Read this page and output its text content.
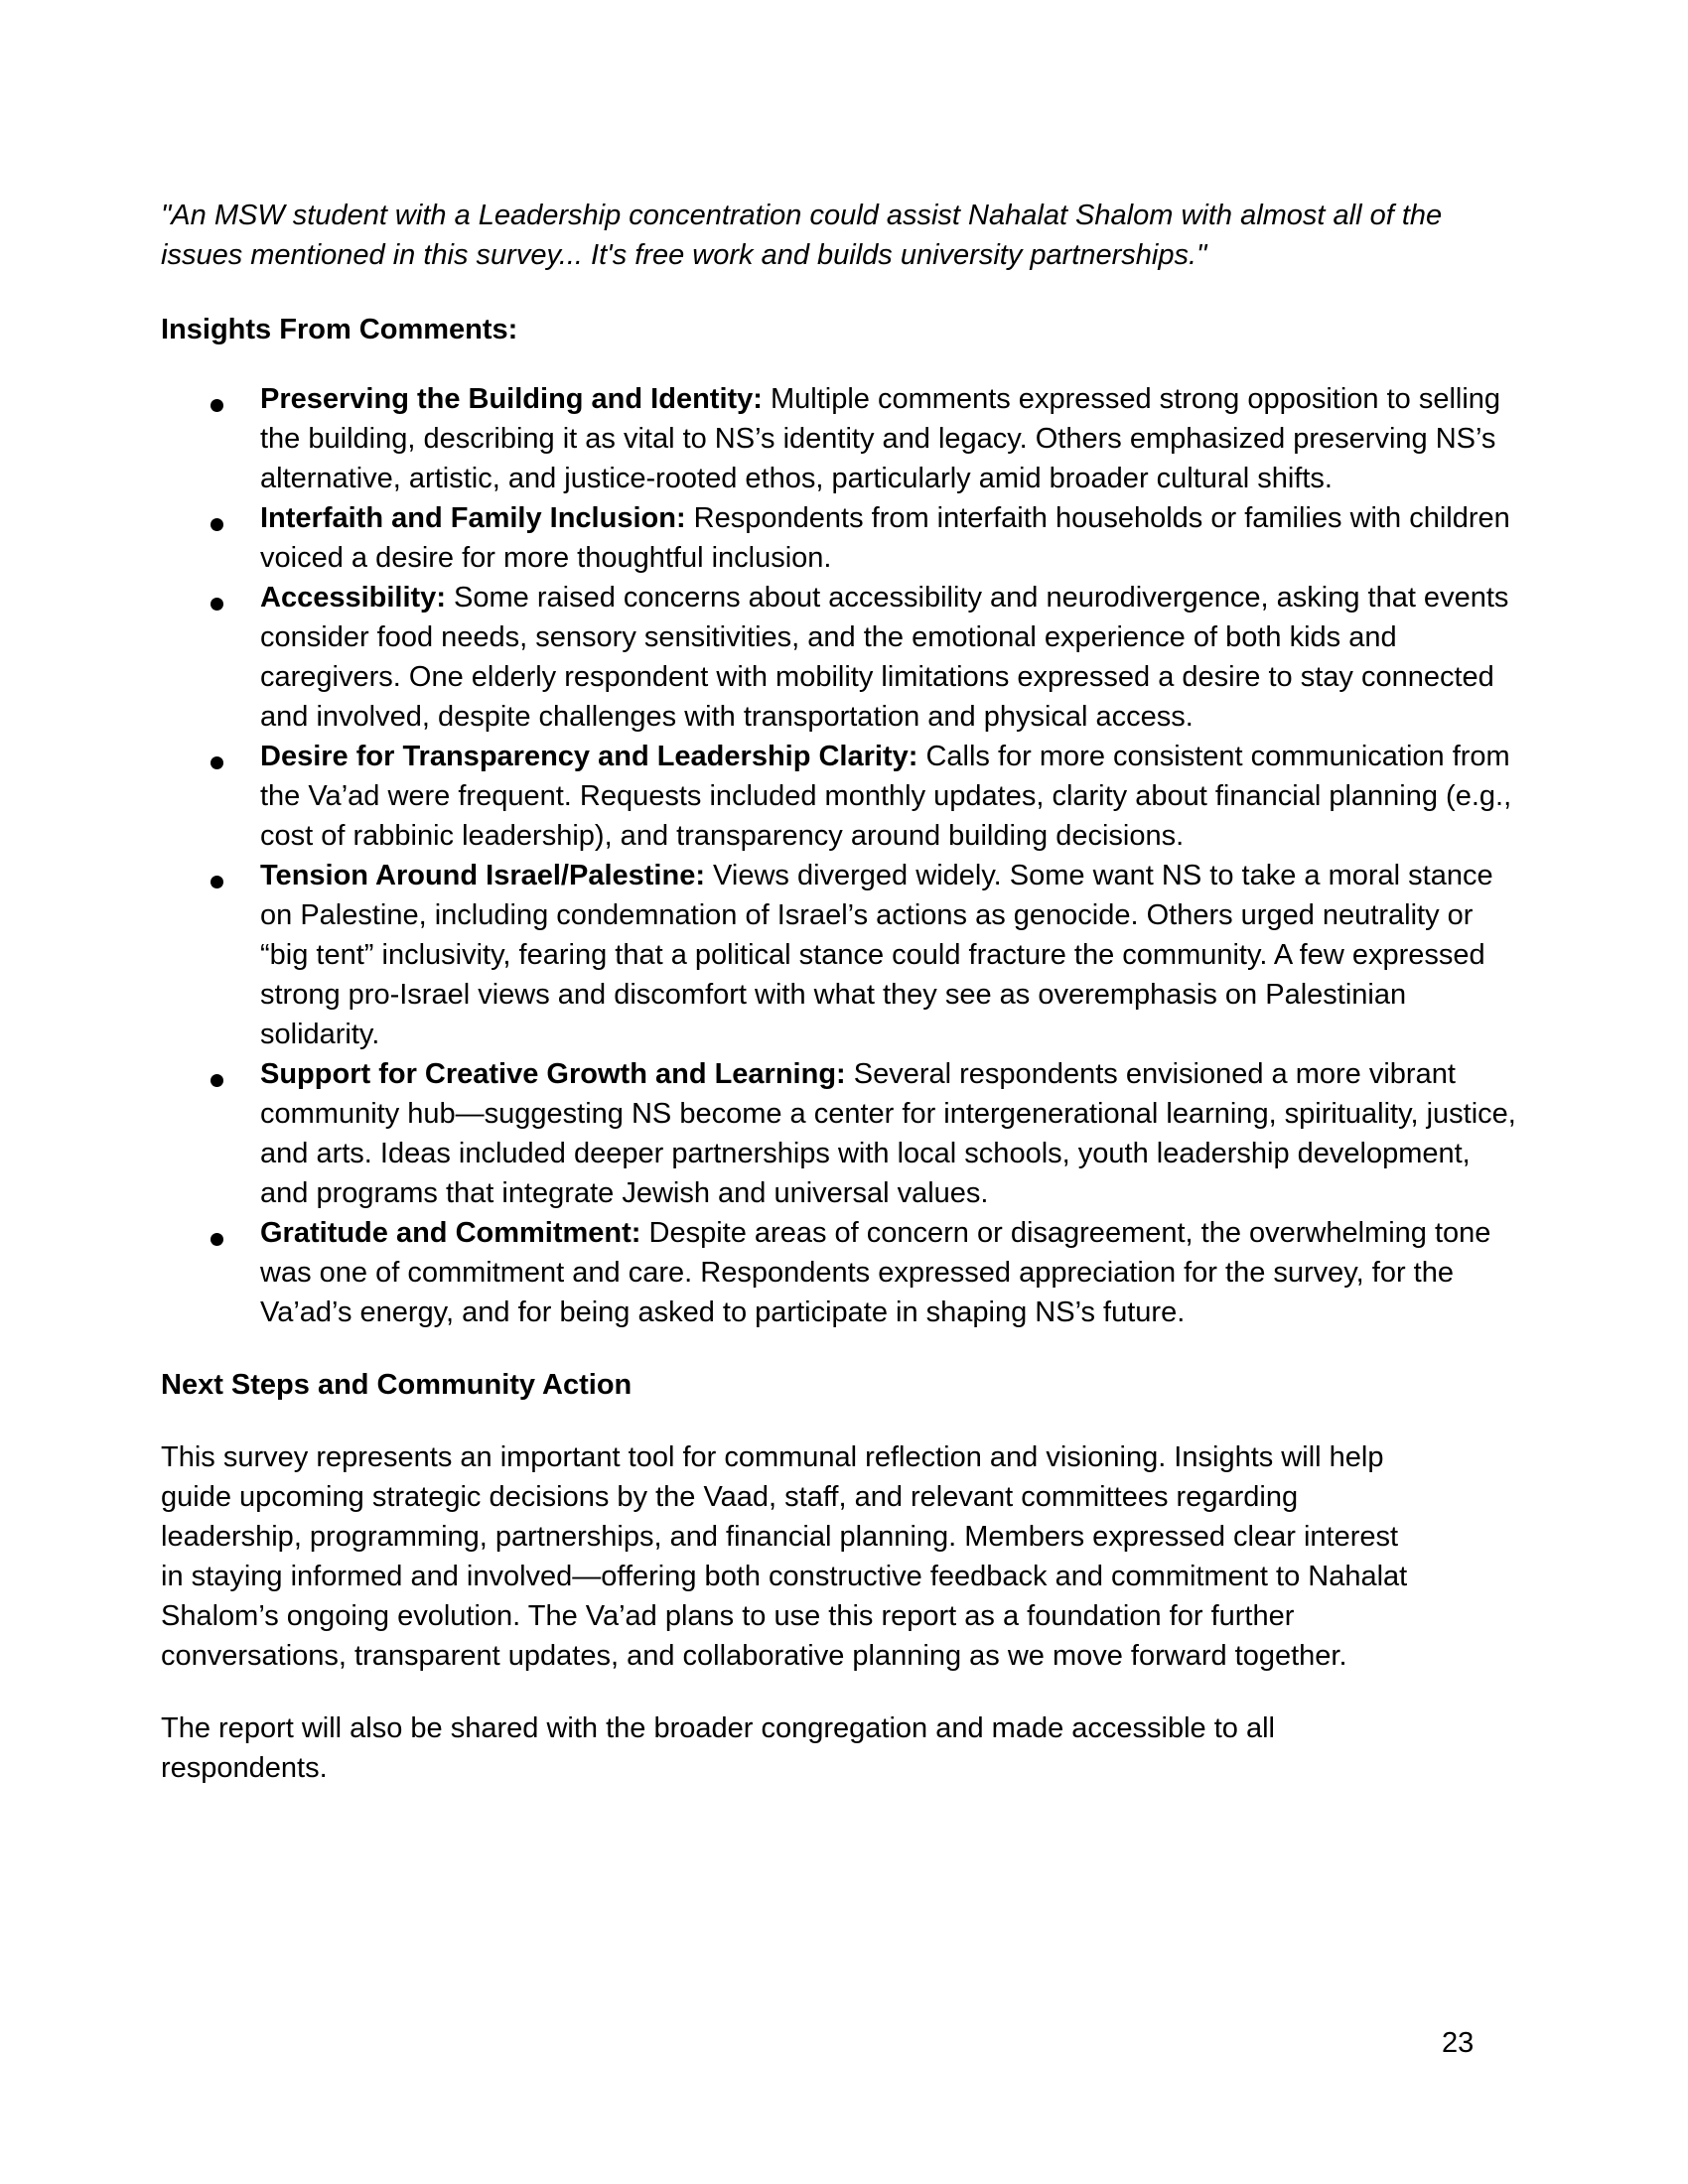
"An MSW student with a Leadership concentration could assist Nahalat Shalom with almost all of the
issues mentioned in this survey... It's free work and builds university partnerships."
Insights From Comments:
Preserving the Building and Identity: Multiple comments expressed strong opposition to selling
the building, describing it as vital to NS’s identity and legacy. Others emphasized preserving NS’s
alternative, artistic, and justice-rooted ethos, particularly amid broader cultural shifts.
Interfaith and Family Inclusion: Respondents from interfaith households or families with children
voiced a desire for more thoughtful inclusion.
Accessibility: Some raised concerns about accessibility and neurodivergence, asking that events
consider food needs, sensory sensitivities, and the emotional experience of both kids and
caregivers. One elderly respondent with mobility limitations expressed a desire to stay connected
and involved, despite challenges with transportation and physical access.
Desire for Transparency and Leadership Clarity: Calls for more consistent communication from
the Va’ad were frequent. Requests included monthly updates, clarity about financial planning (e.g.,
cost of rabbinic leadership), and transparency around building decisions.
Tension Around Israel/Palestine: Views diverged widely. Some want NS to take a moral stance
on Palestine, including condemnation of Israel’s actions as genocide. Others urged neutrality or
“big tent” inclusivity, fearing that a political stance could fracture the community. A few expressed
strong pro-Israel views and discomfort with what they see as overemphasis on Palestinian
solidarity.
Support for Creative Growth and Learning: Several respondents envisioned a more vibrant
community hub—suggesting NS become a center for intergenerational learning, spirituality, justice,
and arts. Ideas included deeper partnerships with local schools, youth leadership development,
and programs that integrate Jewish and universal values.
Gratitude and Commitment: Despite areas of concern or disagreement, the overwhelming tone
was one of commitment and care. Respondents expressed appreciation for the survey, for the
Va’ad’s energy, and for being asked to participate in shaping NS’s future.
Next Steps and Community Action
This survey represents an important tool for communal reflection and visioning. Insights will help
guide upcoming strategic decisions by the Vaad, staff, and relevant committees regarding
leadership, programming, partnerships, and financial planning. Members expressed clear interest
in staying informed and involved—offering both constructive feedback and commitment to Nahalat
Shalom’s ongoing evolution. The Va’ad plans to use this report as a foundation for further
conversations, transparent updates, and collaborative planning as we move forward together.
The report will also be shared with the broader congregation and made accessible to all
respondents.
23
